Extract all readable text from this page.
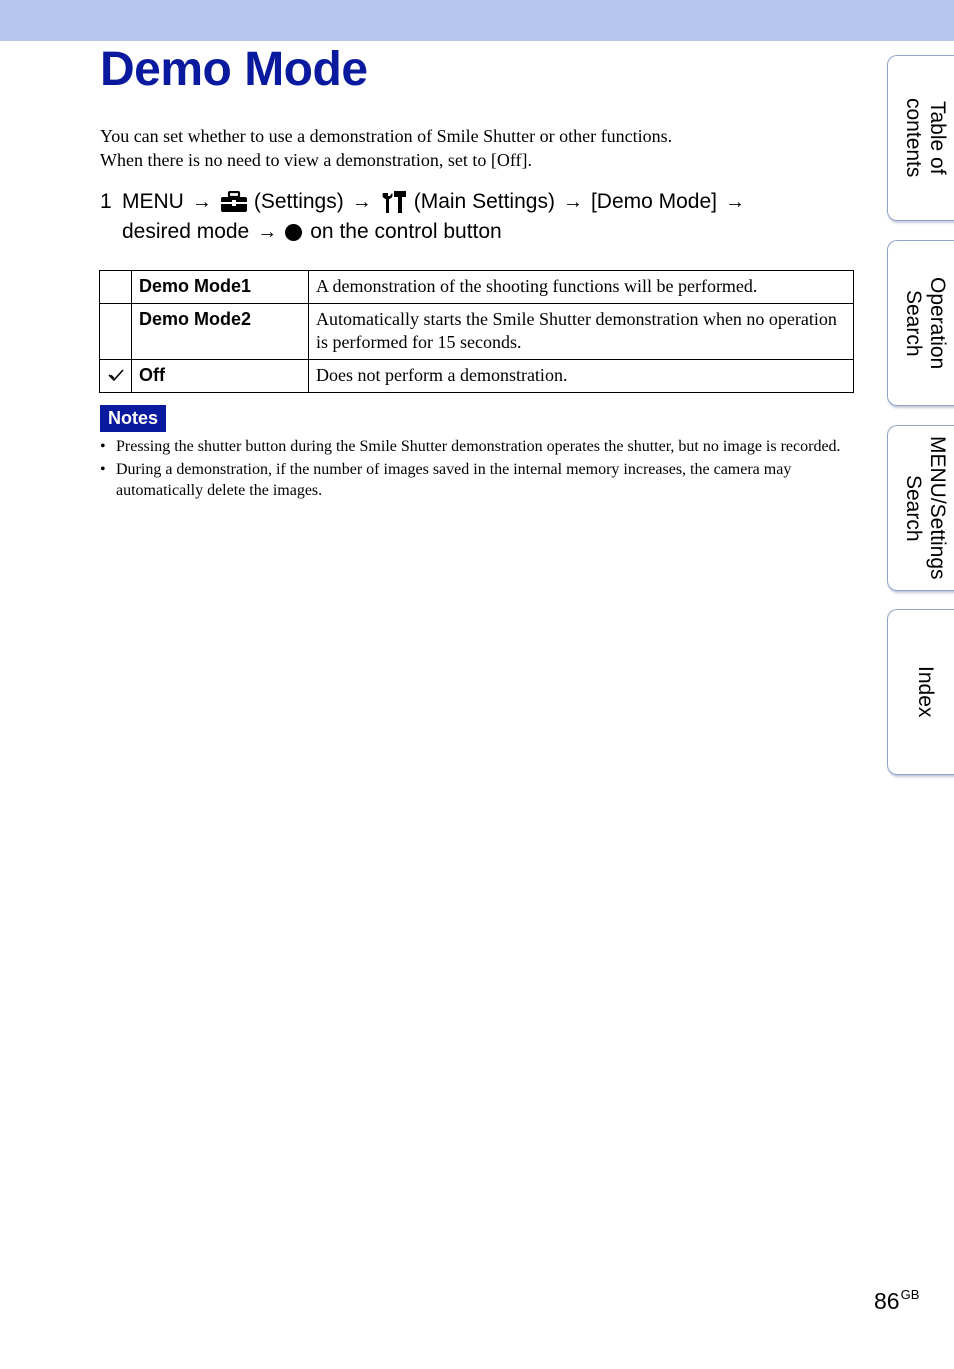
Demo Mode
You can set whether to use a demonstration of Smile Shutter or other functions.
When there is no need to view a demonstration, set to [Off].
1 MENU → (Settings) → (Main Settings) → [Demo Mode] →
desired mode → on the control button
	Demo Mode1	A demonstration of the shooting functions will be performed.
	Demo Mode2	Automatically starts the Smile Shutter demonstration when no operation is performed for 15 seconds.
	Off	Does not perform a demonstration.
Notes
• Pressing the shutter button during the Smile Shutter demonstration operates the shutter, but no image is recorded.
• During a demonstration, if the number of images saved in the internal memory increases, the camera may automatically delete the images.
Table of
contents
Operation
Search
MENU/Settings
Search
Index
$86^{GB}$
